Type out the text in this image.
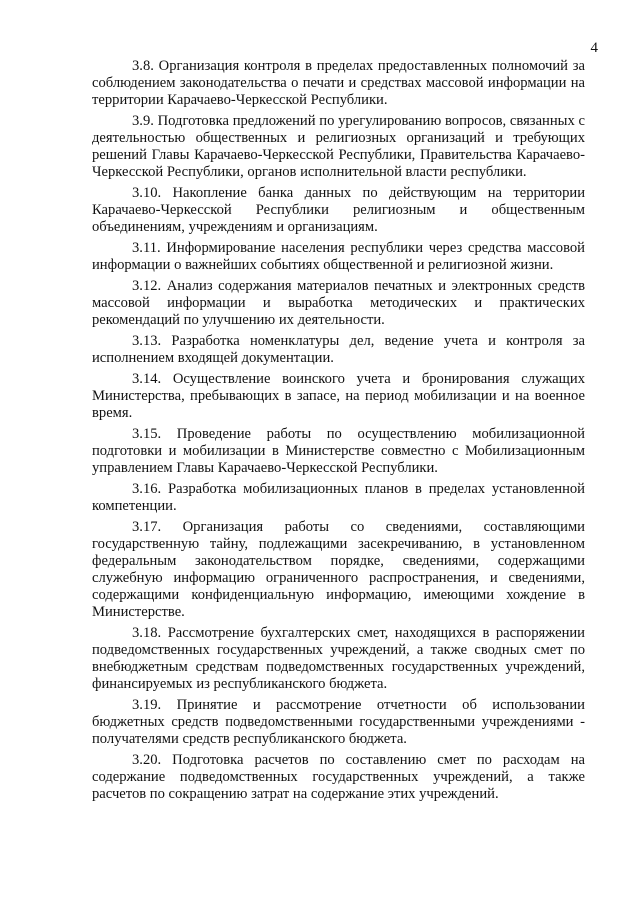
4

3.8. Организация контроля в пределах предоставленных полномочий за соблюдением законодательства о печати и средствах массовой информации на территории Карачаево-Черкесской Республики.

3.9. Подготовка предложений по урегулированию вопросов, связанных с деятельностью общественных и религиозных организаций и требующих решений Главы Карачаево-Черкесской Республики, Правительства Карачаево-Черкесской Республики, органов исполнительной власти республики.

3.10. Накопление банка данных по действующим на территории Карачаево-Черкесской Республики религиозным и общественным объединениям, учреждениям и организациям.

3.11. Информирование населения республики через средства массовой информации о важнейших событиях общественной и религиозной жизни.

3.12. Анализ содержания материалов печатных и электронных средств массовой информации и выработка методических и практических рекомендаций по улучшению их деятельности.

3.13. Разработка номенклатуры дел, ведение учета и контроля за исполнением входящей документации.

3.14. Осуществление воинского учета и бронирования служащих Министерства, пребывающих в запасе, на период мобилизации и на военное время.

3.15. Проведение работы по осуществлению мобилизационной подготовки и мобилизации в Министерстве совместно с Мобилизационным управлением Главы Карачаево-Черкесской Республики.

3.16. Разработка мобилизационных планов в пределах установленной компетенции.

3.17. Организация работы со сведениями, составляющими государственную тайну, подлежащими засекречиванию, в установленном федеральным законодательством порядке, сведениями, содержащими служебную информацию ограниченного распространения, и сведениями, содержащими конфиденциальную информацию, имеющими хождение в Министерстве.

3.18. Рассмотрение бухгалтерских смет, находящихся в распоряжении подведомственных государственных учреждений, а также сводных смет по внебюджетным средствам подведомственных государственных учреждений, финансируемых из республиканского бюджета.

3.19. Принятие и рассмотрение отчетности об использовании бюджетных средств подведомственными государственными учреждениями - получателями средств республиканского бюджета.

3.20. Подготовка расчетов по составлению смет по расходам на содержание подведомственных государственных учреждений, а также расчетов по сокращению затрат на содержание этих учреждений.
